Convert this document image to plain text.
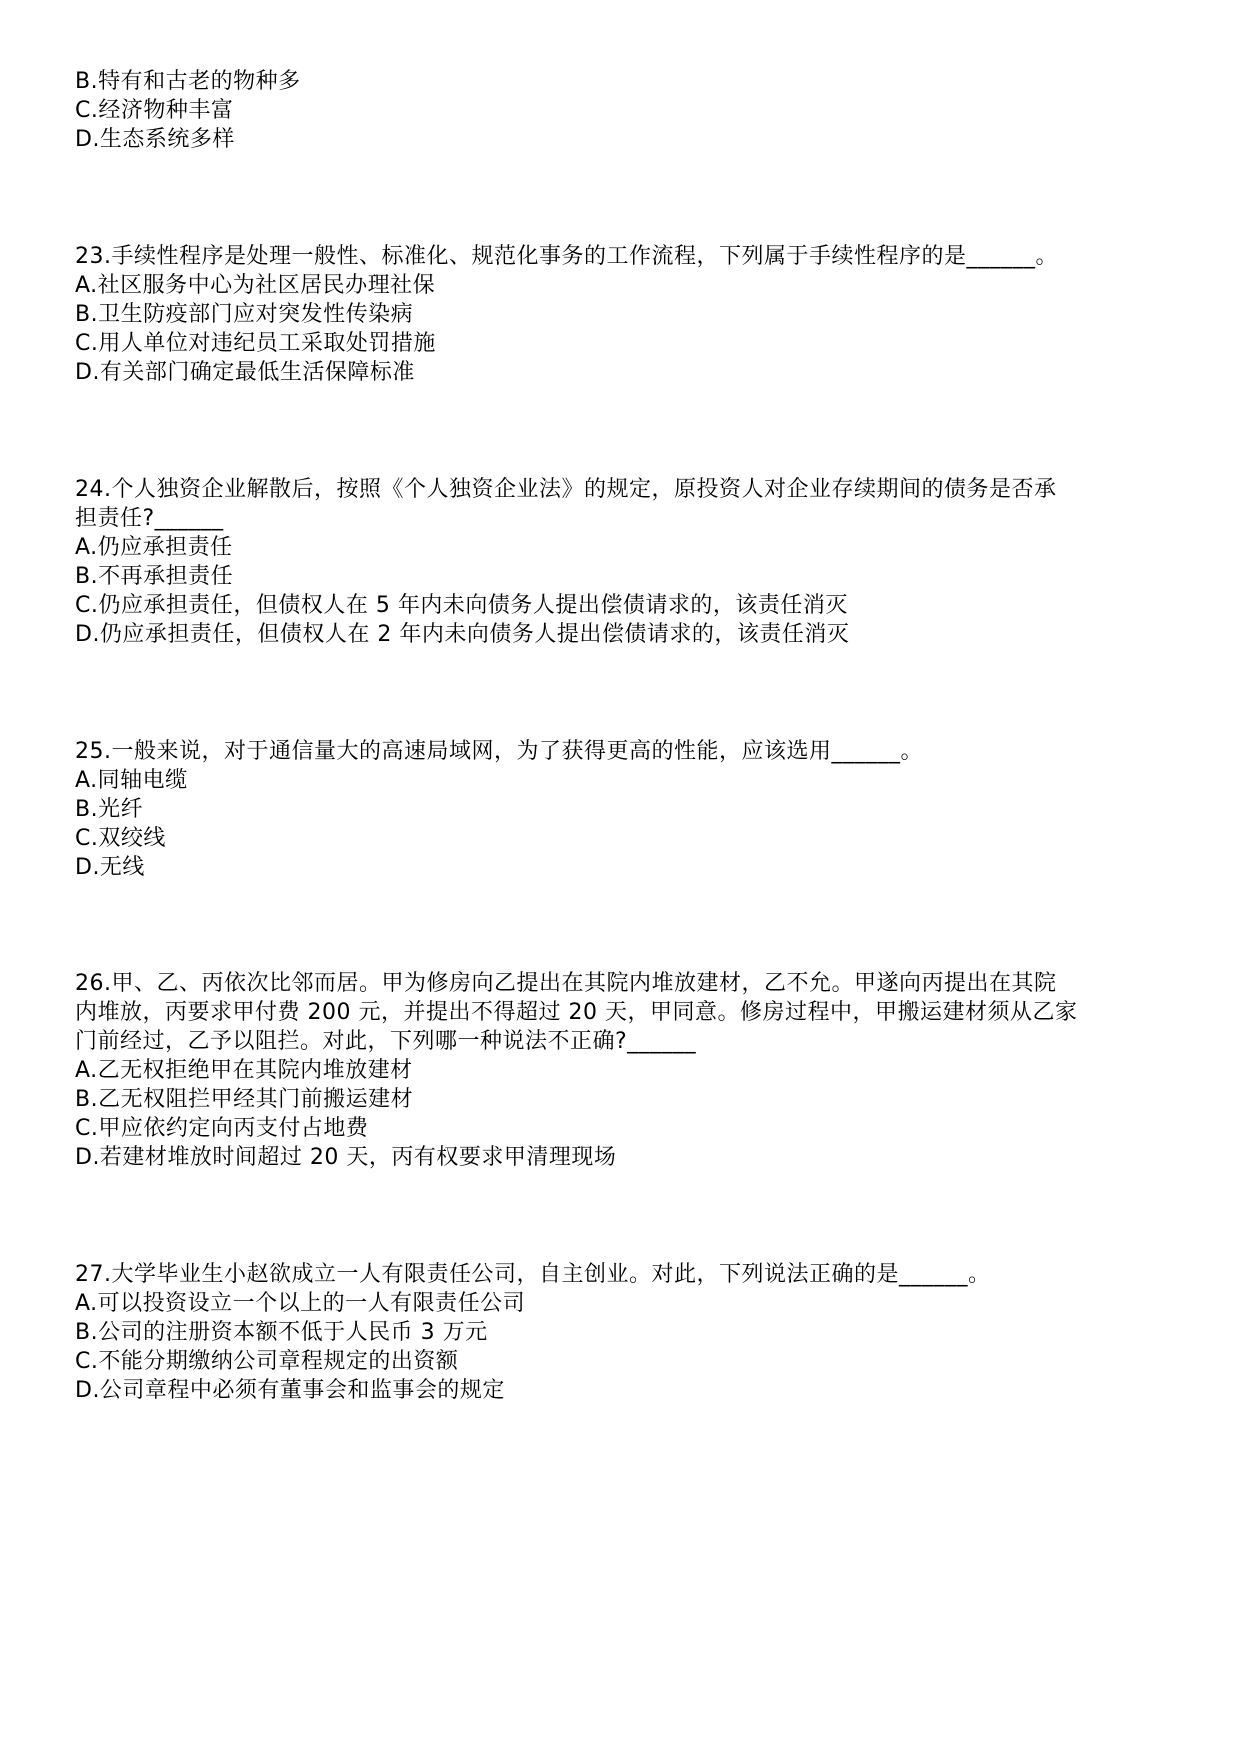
B.特有和古老的物种多
C.经济物种丰富
D.生态系统多样
23.手续性程序是处理一般性、标准化、规范化事务的工作流程，下列属于手续性程序的是______。
A.社区服务中心为社区居民办理社保
B.卫生防疫部门应对突发性传染病
C.用人单位对违纪员工采取处罚措施
D.有关部门确定最低生活保障标准
24.个人独资企业解散后，按照《个人独资企业法》的规定，原投资人对企业存续期间的债务是否承
担责任?______
A.仍应承担责任
B.不再承担责任
C.仍应承担责任，但债权人在 5 年内未向债务人提出偿债请求的，该责任消灭
D.仍应承担责任，但债权人在 2 年内未向债务人提出偿债请求的，该责任消灭
25.一般来说，对于通信量大的高速局域网，为了获得更高的性能，应该选用______。
A.同轴电缆
B.光纤
C.双绞线
D.无线
26.甲、乙、丙依次比邻而居。甲为修房向乙提出在其院内堆放建材，乙不允。甲遂向丙提出在其院
内堆放，丙要求甲付费 200 元，并提出不得超过 20 天，甲同意。修房过程中，甲搬运建材须从乙家
门前经过，乙予以阻拦。对此，下列哪一种说法不正确?______
A.乙无权拒绝甲在其院内堆放建材
B.乙无权阻拦甲经其门前搬运建材
C.甲应依约定向丙支付占地费
D.若建材堆放时间超过 20 天，丙有权要求甲清理现场
27.大学毕业生小赵欲成立一人有限责任公司，自主创业。对此，下列说法正确的是______。
A.可以投资设立一个以上的一人有限责任公司
B.公司的注册资本额不低于人民币 3 万元
C.不能分期缴纳公司章程规定的出资额
D.公司章程中必须有董事会和监事会的规定
